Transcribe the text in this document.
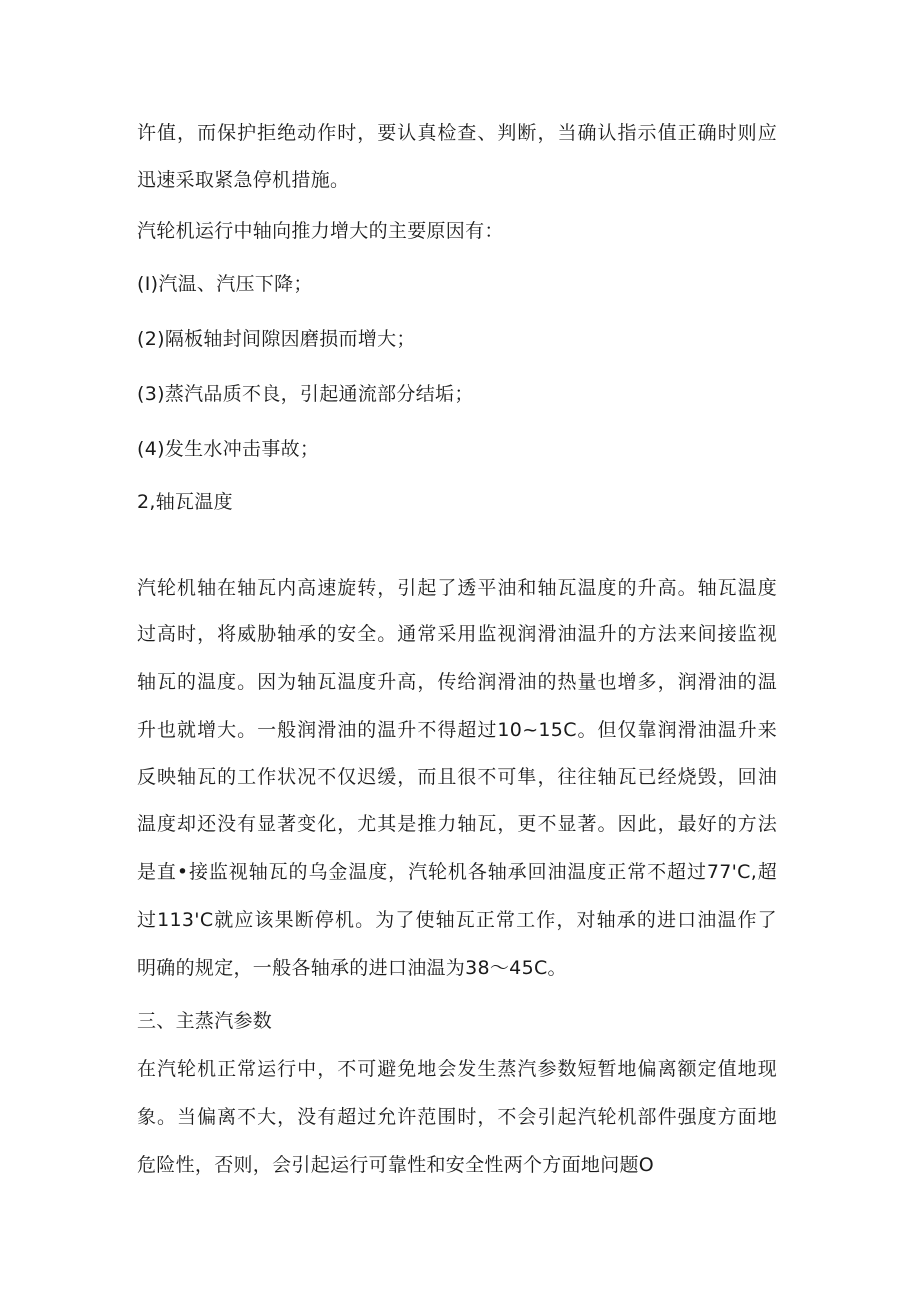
许值，而保护拒绝动作时，要认真检查、判断，当确认指示值正确时则应

迅速采取紧急停机措施。

汽轮机运行中轴向推力增大的主要原因有：

(I)汽温、汽压下降；

(2)隔板轴封间隙因磨损而增大；

(3)蒸汽品质不良，引起通流部分结垢；

(4)发生水冲击事故；

2,轴瓦温度

汽轮机轴在轴瓦内高速旋转，引起了透平油和轴瓦温度的升高。轴瓦温度

过高时，将威胁轴承的安全。通常采用监视润滑油温升的方法来间接监视

轴瓦的温度。因为轴瓦温度升高，传给润滑油的热量也增多，润滑油的温

升也就增大。一般润滑油的温升不得超过10~15C。但仅靠润滑油温升来

反映轴瓦的工作状况不仅迟缓，而且很不可隼，往往轴瓦已经烧毁，回油

温度却还没有显著变化，尤其是推力轴瓦，更不显著。因此，最好的方法

是直•接监视轴瓦的乌金温度，汽轮机各轴承回油温度正常不超过77'C,超

过113'C就应该果断停机。为了使轴瓦正常工作，对轴承的进口油温作了

明确的规定，一般各轴承的进口油温为38～45C。

三、主蒸汽参数

在汽轮机正常运行中，不可避免地会发生蒸汽参数短暂地偏离额定值地现

象。当偏离不大，没有超过允许范围时，不会引起汽轮机部件强度方面地

危险性，否则，会引起运行可靠性和安全性两个方面地问题O
